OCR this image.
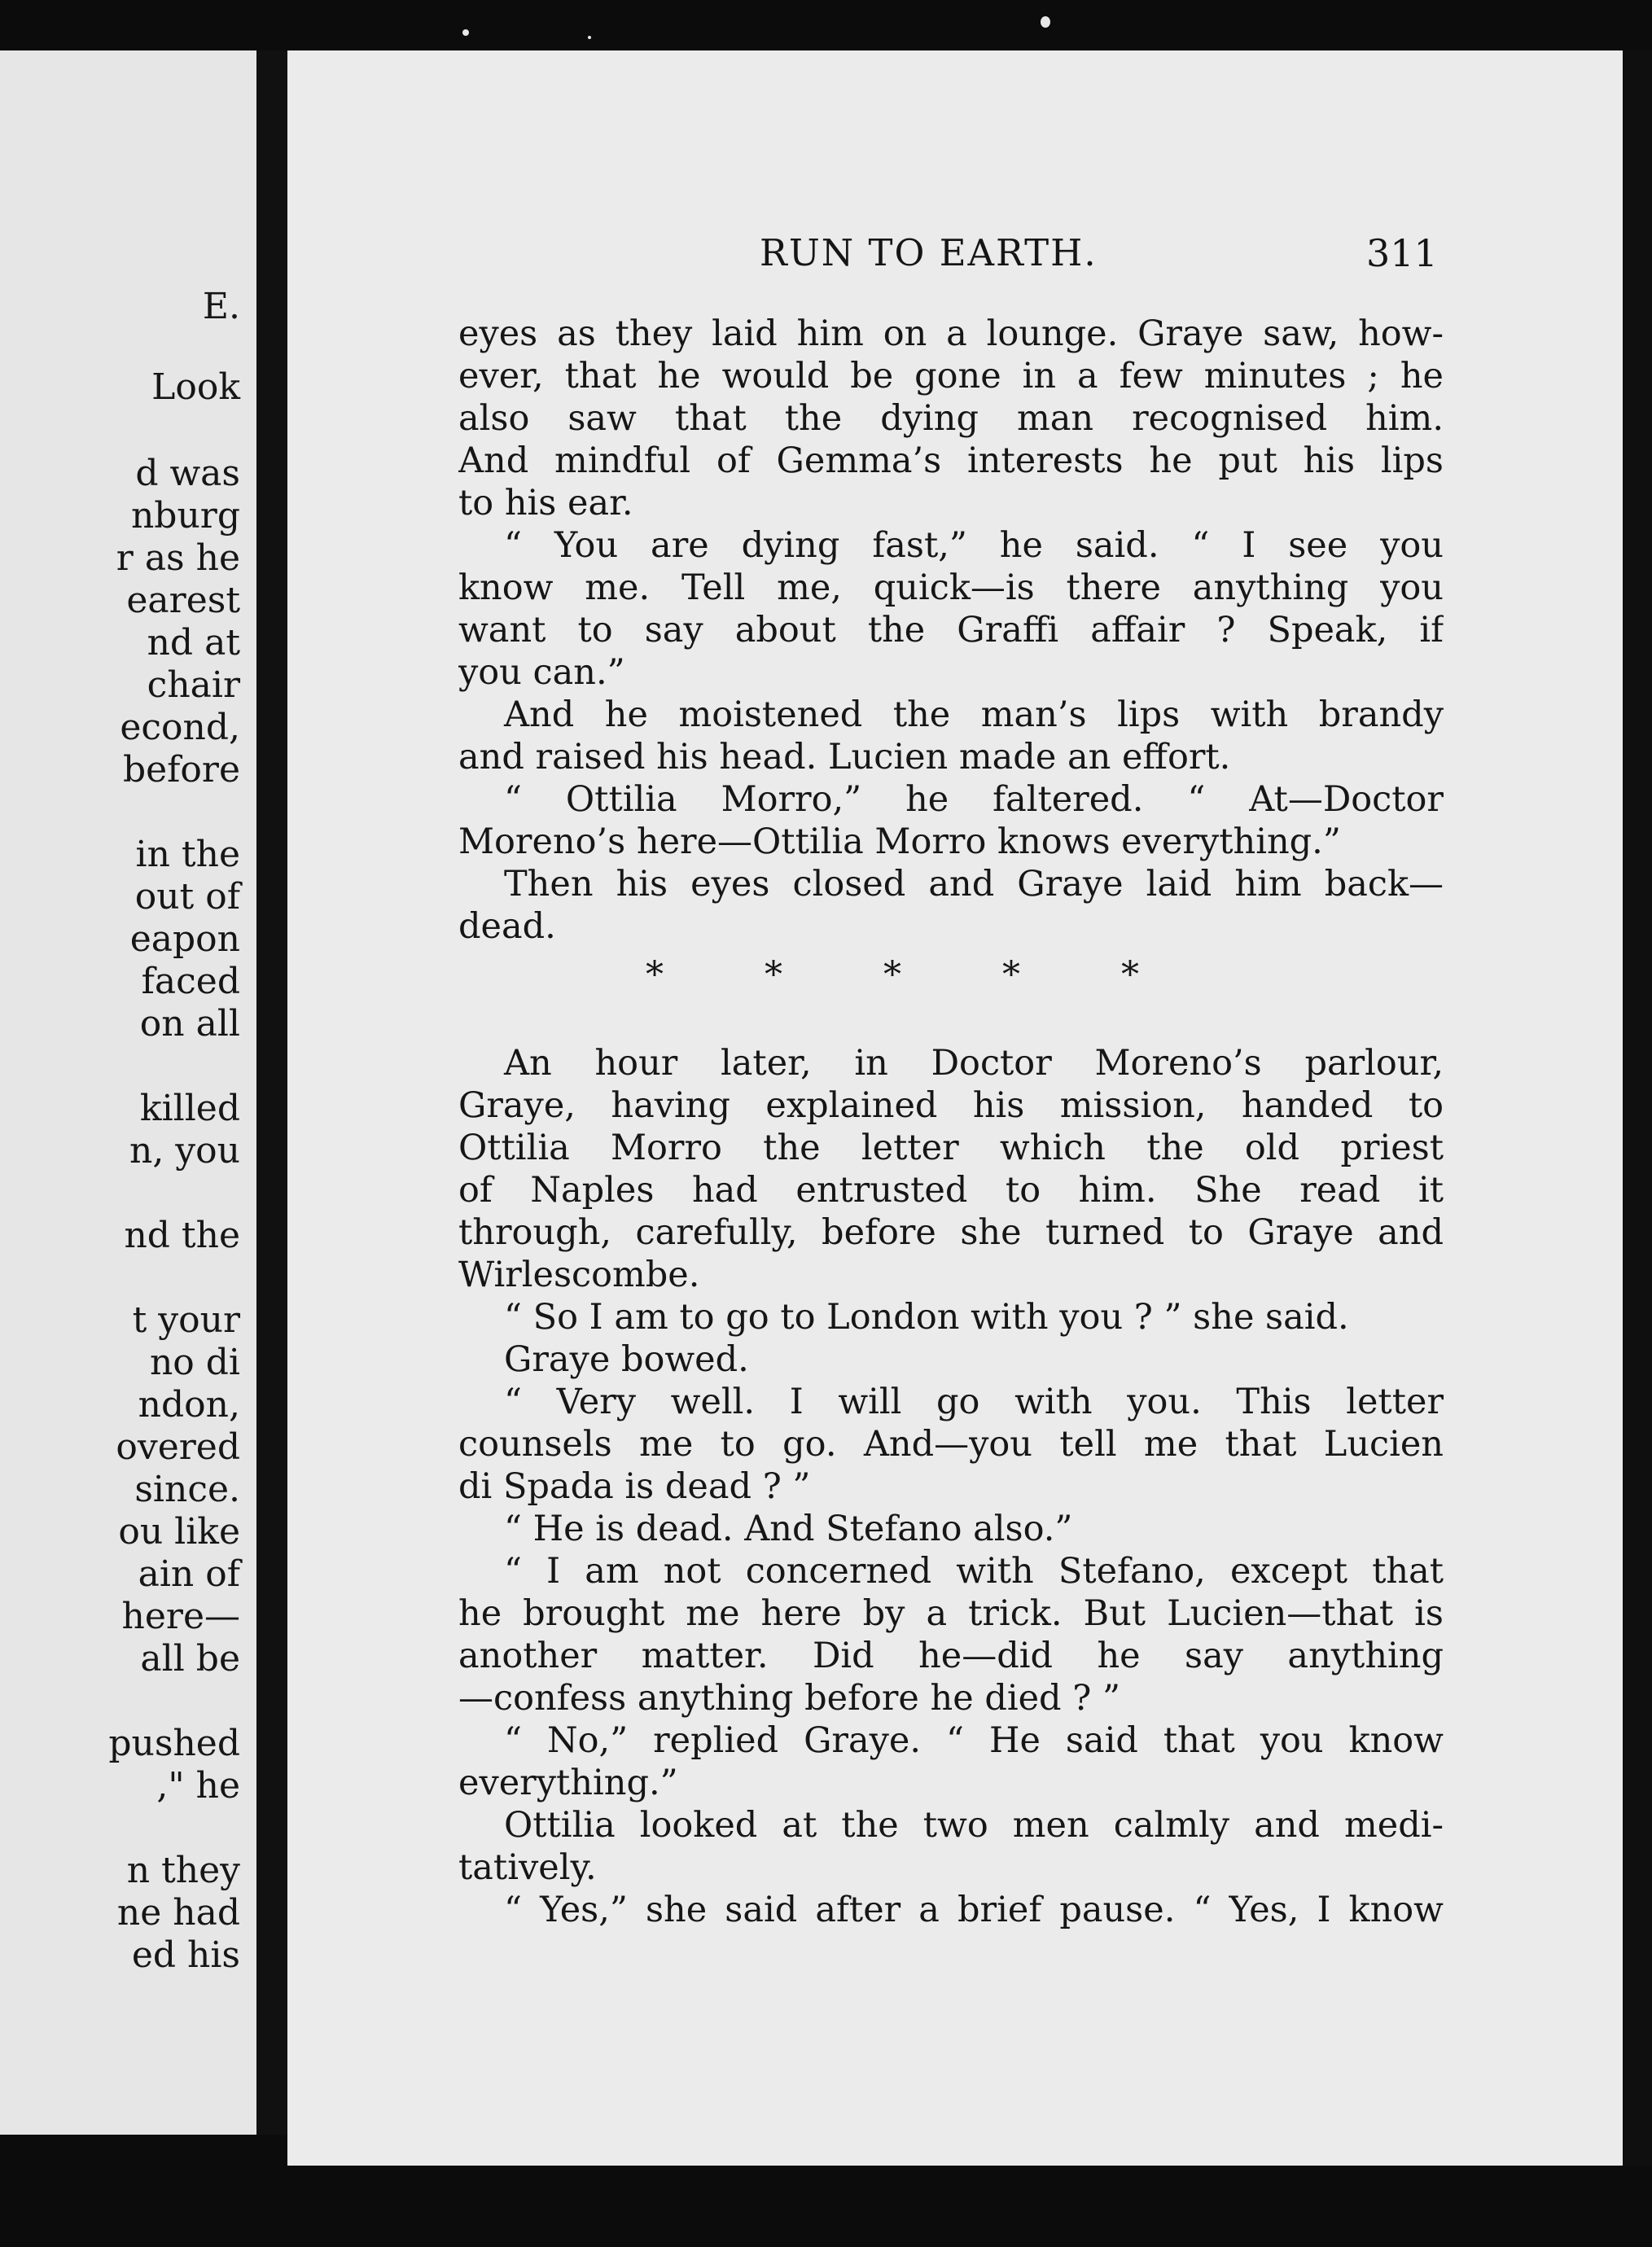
E.
Look
d was
nburg
r as he
earest
nd at
chair
econd,
before
in the
out of
eapon
faced
on all
killed
n, you
nd the
t your
no di
ndon,
overed
since.
ou like
ain of
here—
all be
pushed
," he
n they
ne had
ed his
RUN TO EARTH.	311
eyes as they laid him on a lounge. Graye saw, how-
ever, that he would be gone in a few minutes ; he
also saw that the dying man recognised him.
And mindful of Gemma’s interests he put his lips
to his ear.
“ You are dying fast,” he said. “ I see you
know me. Tell me, quick—is there anything you
want to say about the Graffi affair ? Speak, if
you can.”
And he moistened the man’s lips with brandy
and raised his head. Lucien made an effort.
“ Ottilia Morro,” he faltered. “ At—Doctor
Moreno’s here—Ottilia Morro knows everything.”
Then his eyes closed and Graye laid him back—
dead.
* * * * *
An hour later, in Doctor Moreno’s parlour,
Graye, having explained his mission, handed to
Ottilia Morro the letter which the old priest
of Naples had entrusted to him. She read it
through, carefully, before she turned to Graye and
Wirlescombe.
“ So I am to go to London with you ? ” she said.
Graye bowed.
“ Very well. I will go with you. This letter
counsels me to go. And—you tell me that Lucien
di Spada is dead ? ”
“ He is dead. And Stefano also.”
“ I am not concerned with Stefano, except that
he brought me here by a trick. But Lucien—that is
another matter. Did he—did he say anything
—confess anything before he died ? ”
“ No,” replied Graye. “ He said that you know
everything.”
Ottilia looked at the two men calmly and medi-
tatively.
“ Yes,” she said after a brief pause. “ Yes, I know
